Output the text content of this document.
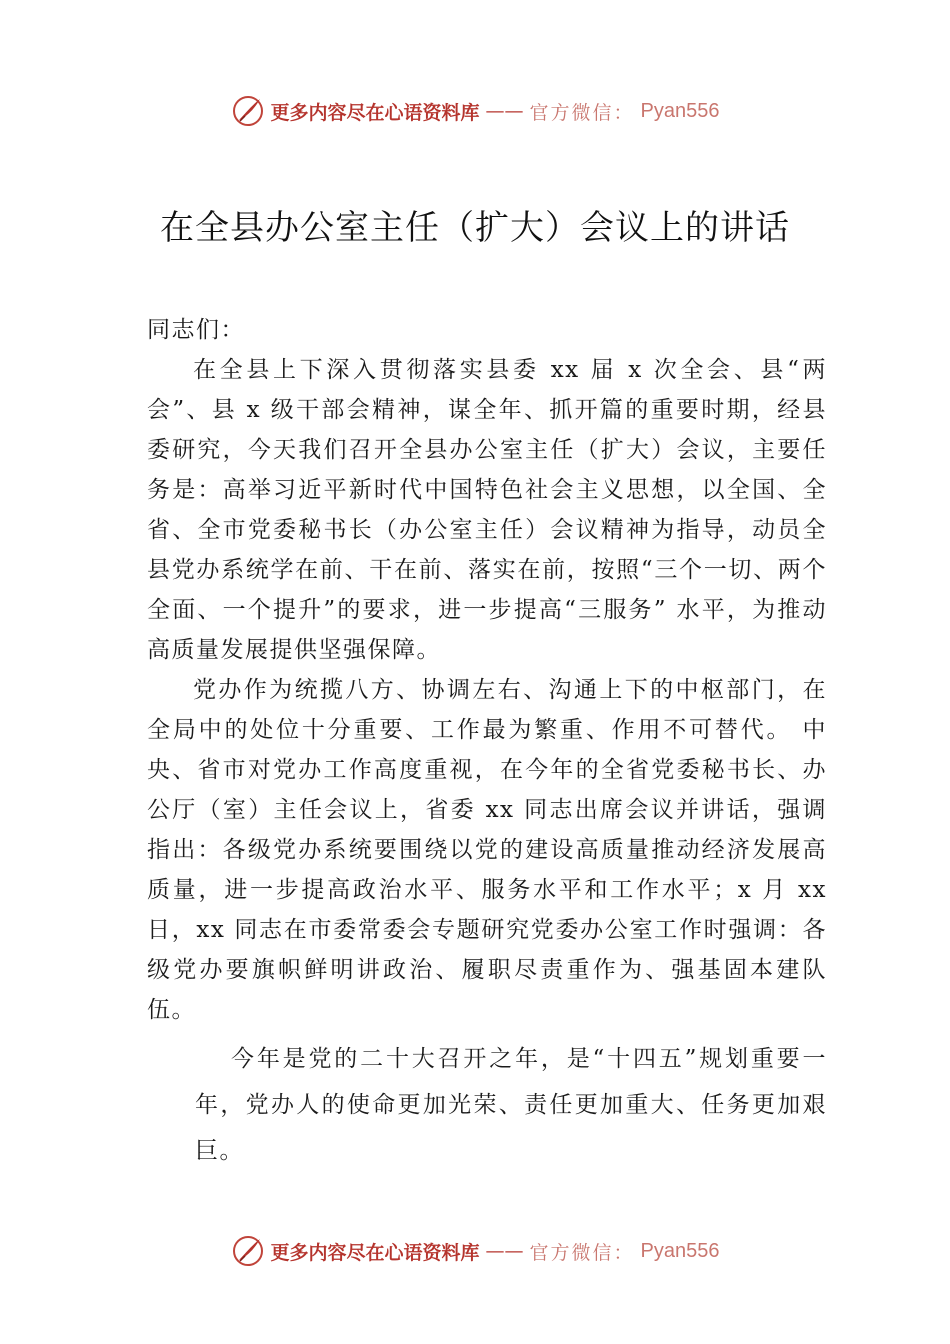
更多内容尽在心语资料库 —— 官方微信： Pyan556
在全县办公室主任（扩大）会议上的讲话

同志们：

在全县上下深入贯彻落实县委 xx 届 x 次全会、县“两会”、县 x 级干部会精神，谋全年、抓开篇的重要时期，经县委研究，今天我们召开全县办公室主任（扩大）会议，主要任务是：高举习近平新时代中国特色社会主义思想，以全国、全省、全市党委秘书长（办公室主任）会议精神为指导，动员全县党办系统学在前、干在前、落实在前，按照“三个一切、两个全面、一个提升”的要求，进一步提高“三服务” 水平，为推动高质量发展提供坚强保障。

党办作为统揽八方、协调左右、沟通上下的中枢部门，在全局中的处位十分重要、工作最为繁重、作用不可替代。 中央、省市对党办工作高度重视，在今年的全省党委秘书长、办公厅（室）主任会议上，省委 xx 同志出席会议并讲话，强调指出：各级党办系统要围绕以党的建设高质量推动经济发展高质量，进一步提高政治水平、服务水平和工作水平；x 月 xx 日，xx 同志在市委常委会专题研究党委办公室工作时强调：各级党办要旗帜鲜明讲政治、履职尽责重作为、强基固本建队伍。

今年是党的二十大召开之年，是“十四五”规划重要一年，党办人的使命更加光荣、责任更加重大、任务更加艰巨。

更多内容尽在心语资料库 —— 官方微信： Pyan556
